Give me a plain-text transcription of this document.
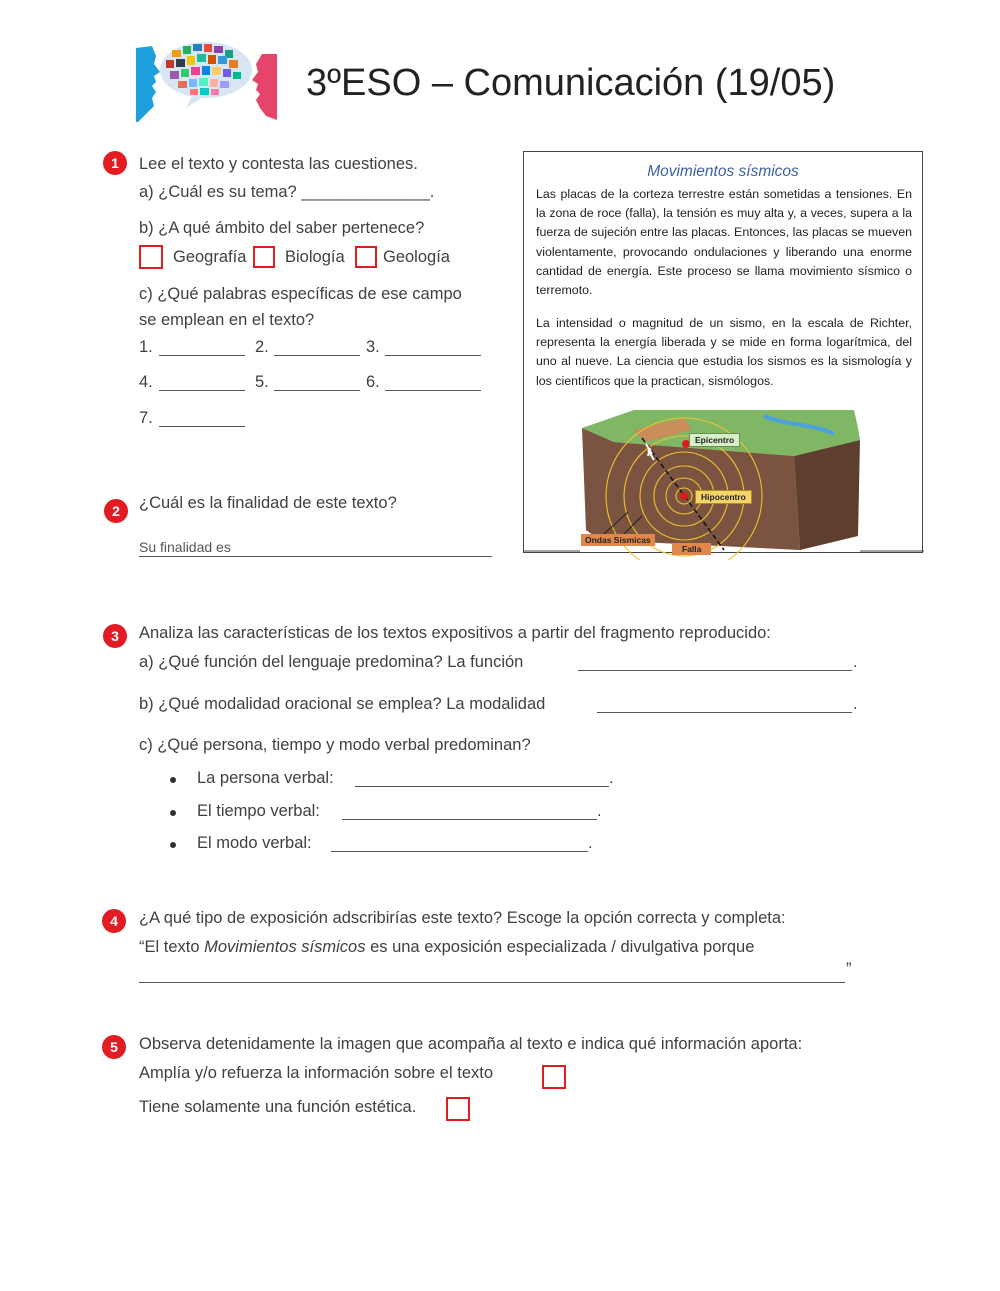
3ºESO – Comunicación (19/05)
1	Lee el texto y contesta las cuestiones.
a) ¿Cuál es su tema? ______________.
b) ¿A qué ámbito del saber pertenece?
Geografía Biología Geología
c) ¿Qué palabras específicas de ese campo
se emplean en el texto?
1.	2.	3.
4.	5.	6.
7.
2	¿Cuál es la finalidad de este texto?
Su finalidad es
Movimientos sísmicos
Las placas de la corteza terrestre están sometidas a tensiones. En la zona de roce (falla), la tensión es muy alta y, a veces, supera a la fuerza de sujeción entre las placas. Entonces, las placas se mueven violentamente, provocando ondulaciones y liberando una enorme cantidad de energía. Este proceso se llama movimiento sísmico o terremoto.
La intensidad o magnitud de un sismo, en la escala de Richter, representa la energía liberada y se mide en forma logarítmica, del uno al nueve. La ciencia que estudia los sismos es la sismología y los científicos que la practican, sismólogos.
Epicentro
Hipocentro
Ondas Sísmicas
Falla
3	Analiza las características de los textos expositivos a partir del fragmento reproducido:
a) ¿Qué función del lenguaje predomina? La función	.
b) ¿Qué modalidad oracional se emplea? La modalidad	.
c) ¿Qué persona, tiempo y modo verbal predominan?
La persona verbal:	.
El tiempo verbal:	.
El modo verbal:	.
4	¿A qué tipo de exposición adscribirías este texto? Escoge la opción correcta y completa:
“El texto Movimientos sísmicos es una exposición especializada / divulgativa porque
”
5	Observa detenidamente la imagen que acompaña al texto e indica qué información aporta:
Amplía y/o refuerza la información sobre el texto
Tiene solamente una función estética.
